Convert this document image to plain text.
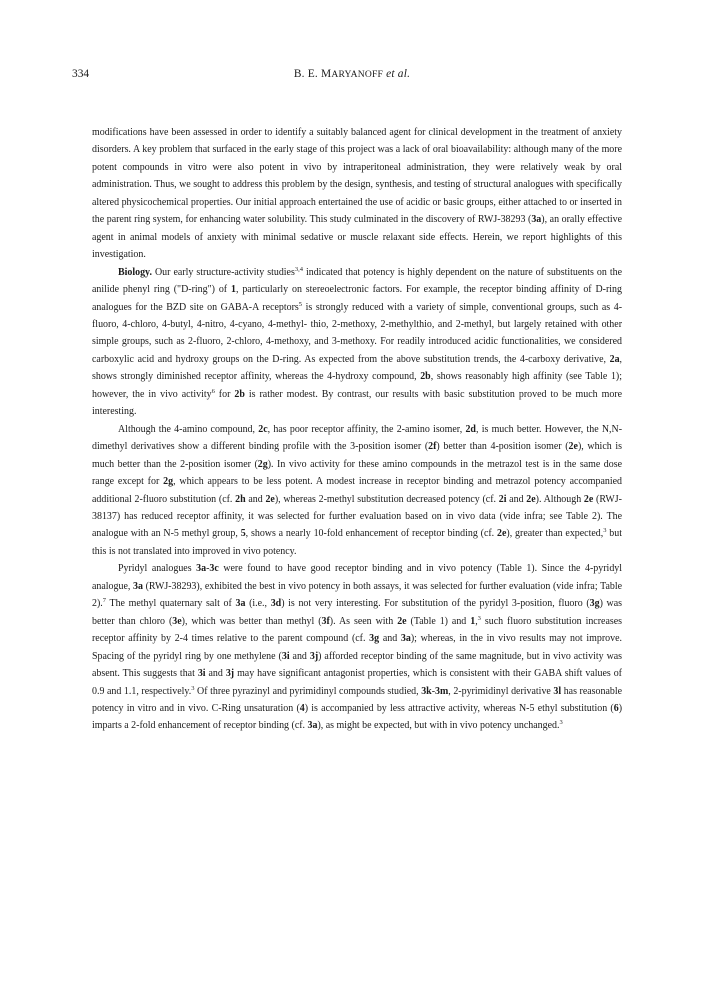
334	B. E. MARYANOFF et al.

modifications have been assessed in order to identify a suitably balanced agent for clinical development in the treatment of anxiety disorders. A key problem that surfaced in the early stage of this project was a lack of oral bioavailability: although many of the more potent compounds in vitro were also potent in vivo by intraperitoneal administration, they were relatively weak by oral administration. Thus, we sought to address this problem by the design, synthesis, and testing of structural analogues with specifically altered physicochemical properties. Our initial approach entertained the use of acidic or basic groups, either attached to or inserted in the parent ring system, for enhancing water solubility. This study culminated in the discovery of RWJ-38293 (3a), an orally effective agent in animal models of anxiety with minimal sedative or muscle relaxant side effects. Herein, we report highlights of this investigation.

Biology. Our early structure-activity studies$^{3,4}$ indicated that potency is highly dependent on the nature of substituents on the anilide phenyl ring ("D-ring") of 1, particularly on stereoelectronic factors. For example, the receptor binding affinity of D-ring analogues for the BZD site on GABA-A receptors$^5$ is strongly reduced with a variety of simple, conventional groups, such as 4-fluoro, 4-chloro, 4-butyl, 4-nitro, 4-cyano, 4-methyl- thio, 2-methoxy, 2-methylthio, and 2-methyl, but largely retained with other simple groups, such as 2-fluoro, 2-chloro, 4-methoxy, and 3-methoxy. For readily introduced acidic functionalities, we considered carboxylic acid and hydroxy groups on the D-ring. As expected from the above substitution trends, the 4-carboxy derivative, 2a, shows strongly diminished receptor affinity, whereas the 4-hydroxy compound, 2b, shows reasonably high affinity (see Table 1); however, the in vivo activity$^6$ for 2b is rather modest. By contrast, our results with basic substitution proved to be much more interesting.

Although the 4-amino compound, 2c, has poor receptor affinity, the 2-amino isomer, 2d, is much better. However, the N,N-dimethyl derivatives show a different binding profile with the 3-position isomer (2f) better than 4-position isomer (2e), which is much better than the 2-position isomer (2g). In vivo activity for these amino compounds in the metrazol test is in the same dose range except for 2g, which appears to be less potent. A modest increase in receptor binding and metrazol potency accompanied additional 2-fluoro substitution (cf. 2h and 2e), whereas 2-methyl substitution decreased potency (cf. 2i and 2e). Although 2e (RWJ-38137) has reduced receptor affinity, it was selected for further evaluation based on in vivo data (vide infra; see Table 2). The analogue with an N-5 methyl group, 5, shows a nearly 10-fold enhancement of receptor binding (cf. 2e), greater than expected,$^3$ but this is not translated into improved in vivo potency.

Pyridyl analogues 3a-3c were found to have good receptor binding and in vivo potency (Table 1). Since the 4-pyridyl analogue, 3a (RWJ-38293), exhibited the best in vivo potency in both assays, it was selected for further evaluation (vide infra; Table 2).$^7$ The methyl quaternary salt of 3a (i.e., 3d) is not very interesting. For substitution of the pyridyl 3-position, fluoro (3g) was better than chloro (3e), which was better than methyl (3f). As seen with 2e (Table 1) and 1,$^3$ such fluoro substitution increases receptor affinity by 2-4 times relative to the parent compound (cf. 3g and 3a); whereas, in the in vivo results may not improve. Spacing of the pyridyl ring by one methylene (3i and 3j) afforded receptor binding of the same magnitude, but in vivo activity was absent. This suggests that 3i and 3j may have significant antagonist properties, which is consistent with their GABA shift values of 0.9 and 1.1, respectively.$^3$ Of three pyrazinyl and pyrimidinyl compounds studied, 3k-3m, 2-pyrimidinyl derivative 3l has reasonable potency in vitro and in vivo. C-Ring unsaturation (4) is accompanied by less attractive activity, whereas N-5 ethyl substitution (6) imparts a 2-fold enhancement of receptor binding (cf. 3a), as might be expected, but with in vivo potency unchanged.$^3$
